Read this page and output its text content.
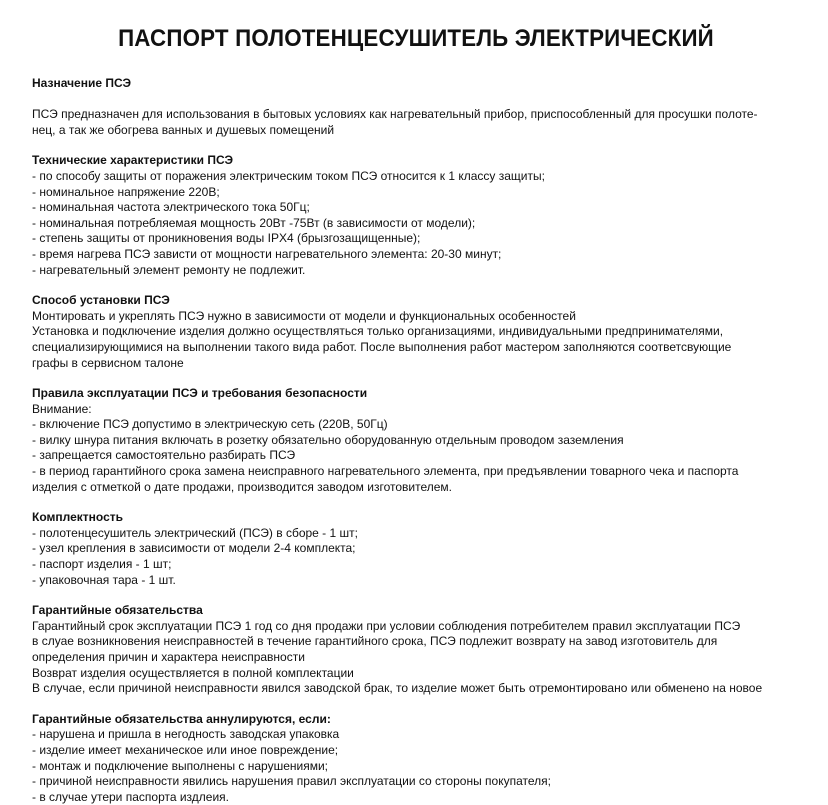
ПАСПОРТ ПОЛОТЕНЦЕСУШИТЕЛЬ ЭЛЕКТРИЧЕСКИЙ

Назначение ПСЭ

ПСЭ предназначен для использования в бытовых условиях как нагревательный прибор, приспособленный для просушки полоте-

нец, а так же обогрева ванных и душевых помещений

Технические характеристики ПСЭ

- по способу защиты от поражения электрическим током ПСЭ относится к 1 классу защиты;

- номинальное напряжение 220В;

- номинальная частота электрического тока 50Гц;

- номинальная потребляемая мощность 20Вт -75Вт (в зависимости от модели);

- степень защиты от проникновения воды IPX4 (брызгозащищенные);

- время нагрева ПСЭ зависти от мощности нагревательного элемента: 20-30 минут;

- нагревательный элемент ремонту не подлежит.

Способ установки ПСЭ

Монтировать и укреплять ПСЭ нужно в зависимости от модели и функциональных особенностей

Установка и подключение изделия должно осуществляться только организациями, индивидуальными предпринимателями,

специализирующимися на выполнении такого вида работ. После выполнения работ мастером заполняются соответсвующие

графы в сервисном талоне

Правила эксплуатации ПСЭ и требования безопасности

Внимание:

- включение ПСЭ допустимо в электрическую сеть (220В, 50Гц)

- вилку шнура питания включать в розетку обязательно оборудованную отдельным проводом заземления

- запрещается самостоятельно разбирать ПСЭ

- в период гарантийного срока замена неисправного нагревательного элемента, при предъявлении товарного чека и паспорта

изделия с отметкой о дате продажи, производится заводом изготовителем.

Комплектность

- полотенцесушитель электрический (ПСЭ) в сборе - 1 шт;

- узел крепления в зависимости от модели 2-4 комплекта;

- паспорт изделия - 1 шт;

- упаковочная тара - 1 шт.

Гарантийные обязательства

Гарантийный срок эксплуатации ПСЭ 1 год со дня продажи при условии соблюдения потребителем правил эксплуатации ПСЭ

в слуае возникновения неисправностей в течение гарантийного срока, ПСЭ подлежит возврату на завод изготовитель для

определения причин и характера неисправности

Возврат изделия осуществляется в полной комплектации

В случае, если причиной неисправности явился заводской брак, то изделие может быть отремонтировано или обменено на новое

Гарантийные обязательства аннулируются, если:

- нарушена и пришла в негодность заводская упаковка

- изделие имеет механическое или иное повреждение;

- монтаж и подключение выполнены с нарушениями;

- причиной неисправности явились нарушения правил эксплуатации со стороны покупателя;

- в случае утери паспорта издлеия.
